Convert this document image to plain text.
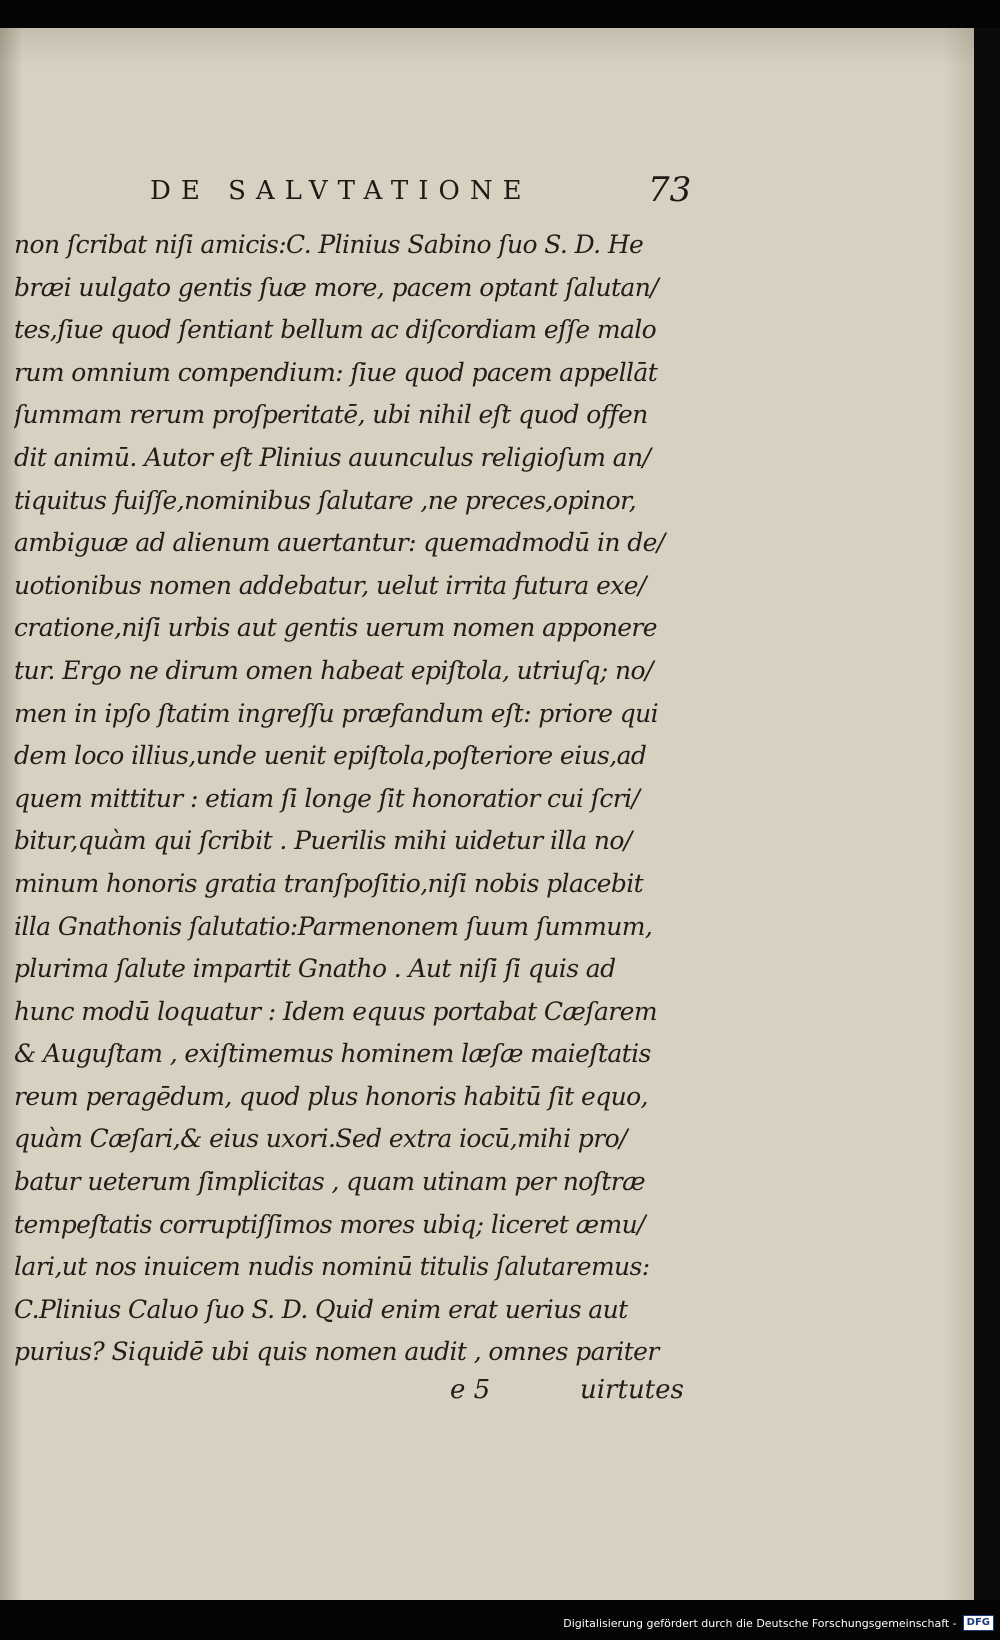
DE SALVTATIONE	73
non ſcribat niſi amicis:C. Plinius Sabino ſuo S. D. He
bræi uulgato gentis ſuæ more, pacem optant ſalutan/
tes,ſiue quod ſentiant bellum ac diſcordiam eſſe malo
rum omnium compendium: ſiue quod pacem appellāt
ſummam rerum proſperitatē, ubi nihil eſt quod offen
dit animū. Autor eſt Plinius auunculus religioſum an/
tiquitus fuiſſe,nominibus ſalutare ,ne preces,opinor,
ambiguæ ad alienum auertantur: quemadmodū in de/
uotionibus nomen addebatur, uelut irrita futura exe/
cratione,niſi urbis aut gentis uerum nomen apponere
tur. Ergo ne dirum omen habeat epiſtola, utriuſq; no/
men in ipſo ſtatim ingreſſu præfandum eſt: priore qui
dem loco illius,unde uenit epiſtola,poſteriore eius,ad
quem mittitur : etiam ſi longe ſit honoratior cui ſcri/
bitur,quàm qui ſcribit . Puerilis mihi uidetur illa no/
minum honoris gratia tranſpoſitio,niſi nobis placebit
illa Gnathonis ſalutatio:Parmenonem ſuum ſummum,
plurima ſalute impartit Gnatho . Aut niſi ſi quis ad
hunc modū loquatur : Idem equus portabat Cæſarem
& Auguſtam , exiſtimemus hominem læſæ maieſtatis
reum peragēdum, quod plus honoris habitū ſit equo,
quàm Cæſari,& eius uxori.Sed extra iocū,mihi pro/
batur ueterum ſimplicitas , quam utinam per noſtræ
tempeſtatis corruptiſſimos mores ubiq; liceret æmu/
lari,ut nos inuicem nudis nominū titulis ſalutaremus:
C.Plinius Caluo ſuo S. D. Quid enim erat uerius aut
purius? Siquidē ubi quis nomen audit , omnes pariter
e 5	uirtutes
Digitalisierung gefördert durch die Deutsche Forschungsgemeinschaft -	DFG
